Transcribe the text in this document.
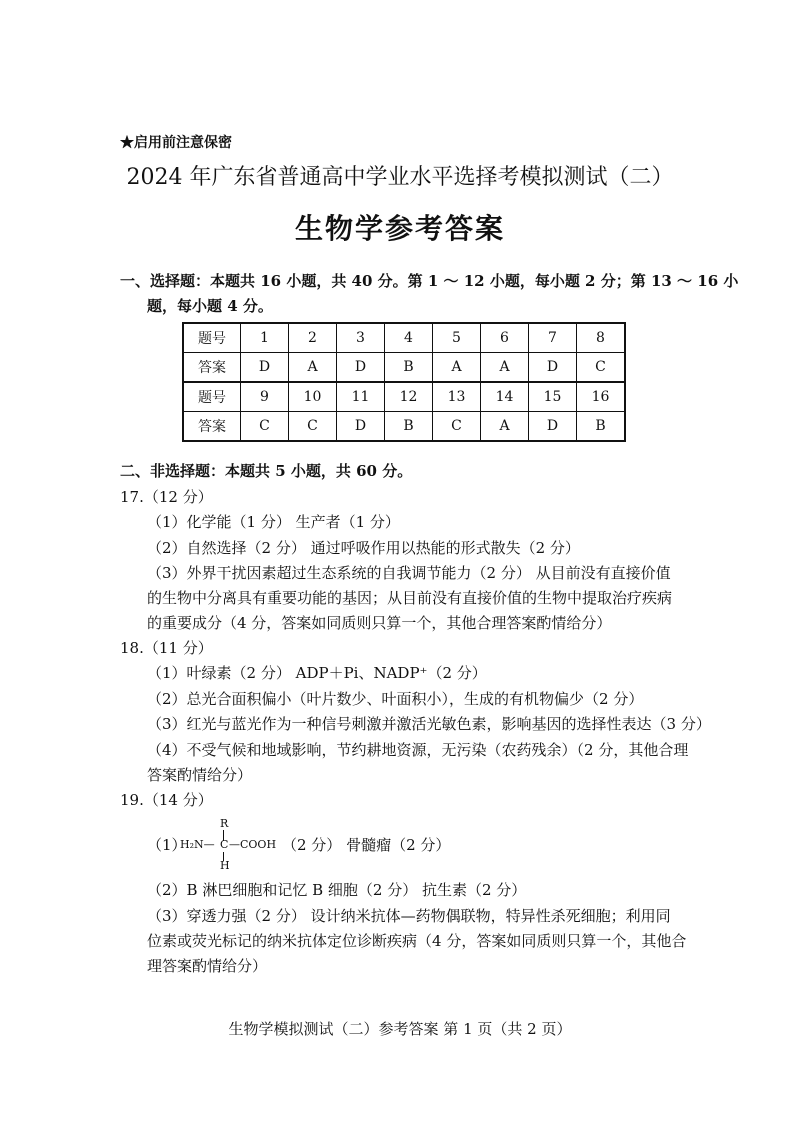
★启用前注意保密
2024 年广东省普通高中学业水平选择考模拟测试（二）
生物学参考答案
一、选择题：本题共 16 小题，共 40 分。第 1 ～ 12 小题，每小题 2 分；第 13 ～ 16 小
题，每小题 4 分。
题号	1	2	3	4	5	6	7	8
答案	D	A	D	B	A	A	D	C
题号	9	10	11	12	13	14	15	16
答案	C	C	D	B	C	A	D	B
二、非选择题：本题共 5 小题，共 60 分。
17.（12 分）
（1）化学能（1 分） 生产者（1 分）
（2）自然选择（2 分） 通过呼吸作用以热能的形式散失（2 分）
（3）外界干扰因素超过生态系统的自我调节能力（2 分） 从目前没有直接价值
的生物中分离具有重要功能的基因；从目前没有直接价值的生物中提取治疗疾病
的重要成分（4 分，答案如同质则只算一个，其他合理答案酌情给分）
18.（11 分）
（1）叶绿素（2 分） ADP＋Pi、NADP⁺（2 分）
（2）总光合面积偏小（叶片数少、叶面积小），生成的有机物偏少（2 分）
（3）红光与蓝光作为一种信号刺激并激活光敏色素，影响基因的选择性表达（3 分）
（4）不受气候和地域影响，节约耕地资源，无污染（农药残余）（2 分，其他合理
答案酌情给分）
19.（14 分）
（1）
R
H₂N— C —COOH
H
（2 分） 骨髓瘤（2 分）
（2）B 淋巴细胞和记忆 B 细胞（2 分） 抗生素（2 分）
（3）穿透力强（2 分） 设计纳米抗体—药物偶联物，特异性杀死细胞；利用同
位素或荧光标记的纳米抗体定位诊断疾病（4 分，答案如同质则只算一个，其他合
理答案酌情给分）
生物学模拟测试（二）参考答案 第 1 页（共 2 页）
